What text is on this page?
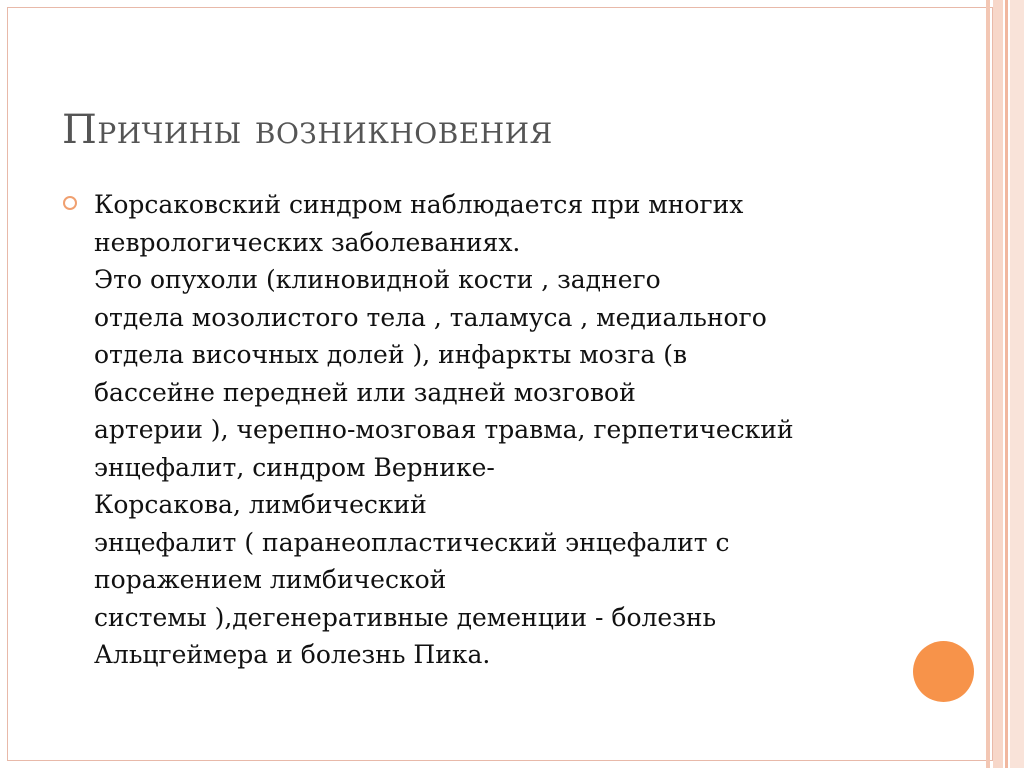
Причины возникновения
Корсаковский синдром наблюдается при многих
неврологических заболеваниях.
Это опухоли (клиновидной кости , заднего
отдела мозолистого тела , таламуса , медиального
отдела височных долей ), инфаркты мозга (в
бассейне передней или задней мозговой
артерии ), черепно-мозговая травма, герпетический
энцефалит, синдром Вернике-
Корсакова, лимбический
энцефалит ( паранеопластический энцефалит с
поражением лимбической
системы ),дегенеративные деменции - болезнь
Альцгеймера и болезнь Пика.
